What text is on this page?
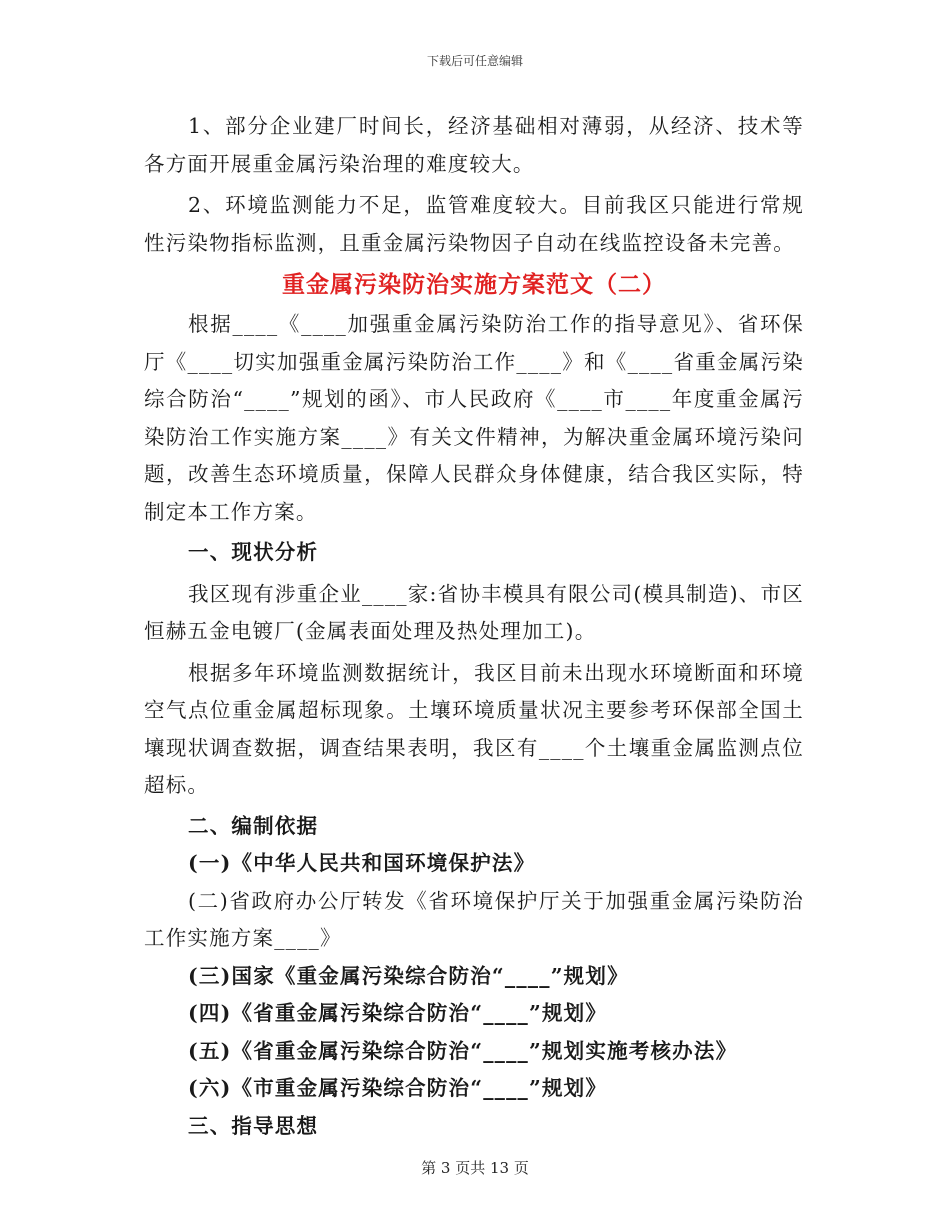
下载后可任意编辑

1、部分企业建厂时间长，经济基础相对薄弱，从经济、技术等各方面开展重金属污染治理的难度较大。

2、环境监测能力不足，监管难度较大。目前我区只能进行常规性污染物指标监测，且重金属污染物因子自动在线监控设备未完善。

重金属污染防治实施方案范文（二）

根据____《____加强重金属污染防治工作的指导意见》、省环保厅《____切实加强重金属污染防治工作____》和《____省重金属污染综合防治“____”规划的函》、市人民政府《____市____年度重金属污染防治工作实施方案____》有关文件精神，为解决重金属环境污染问题，改善生态环境质量，保障人民群众身体健康，结合我区实际，特制定本工作方案。

一、现状分析

我区现有涉重企业____家:省协丰模具有限公司(模具制造)、市区恒赫五金电镀厂(金属表面处理及热处理加工)。

根据多年环境监测数据统计，我区目前未出现水环境断面和环境空气点位重金属超标现象。土壤环境质量状况主要参考环保部全国土壤现状调查数据，调查结果表明，我区有____个土壤重金属监测点位超标。

二、编制依据

(一)《中华人民共和国环境保护法》

(二)省政府办公厅转发《省环境保护厅关于加强重金属污染防治工作实施方案____》

(三)国家《重金属污染综合防治“____”规划》

(四)《省重金属污染综合防治“____”规划》

(五)《省重金属污染综合防治“____”规划实施考核办法》

(六)《市重金属污染综合防治“____”规划》

三、指导思想

第 3 页共 13 页
